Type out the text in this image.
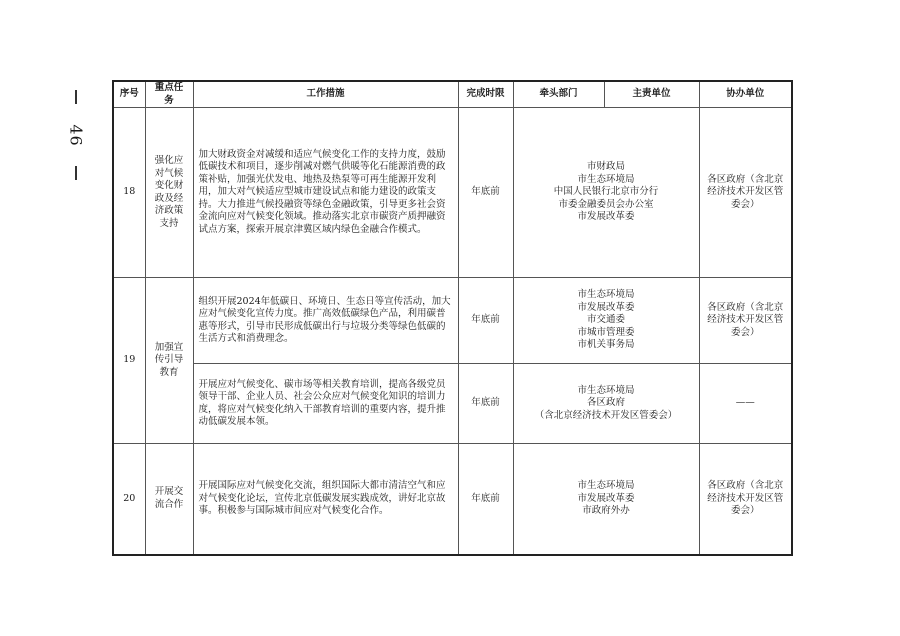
46
序号	重点任务	工作措施	完成时限	牵头部门	主责单位	协办单位
18	强化应对气候变化财政及经济政策支持	加大财政资金对减缓和适应气候变化工作的支持力度，鼓励低碳技术和项目，逐步削减对燃气供暖等化石能源消费的政策补贴，加强光伏发电、地热及热泵等可再生能源开发利用，加大对气候适应型城市建设试点和能力建设的政策支持。大力推进气候投融资等绿色金融政策，引导更多社会资金流向应对气候变化领域。推动落实北京市碳资产质押融资试点方案，探索开展京津冀区域内绿色金融合作模式。	年底前	市财政局
市生态环境局
中国人民银行北京市分行
市委金融委员会办公室
市发展改革委		各区政府（含北京经济技术开发区管委会）
19	加强宣传引导教育	组织开展2024年低碳日、环境日、生态日等宣传活动，加大应对气候变化宣传力度。推广高效低碳绿色产品，利用碳普惠等形式，引导市民形成低碳出行与垃圾分类等绿色低碳的生活方式和消费理念。	年底前	市生态环境局
市发展改革委
市交通委
市城市管理委
市机关事务局		各区政府（含北京经济技术开发区管委会）
		开展应对气候变化、碳市场等相关教育培训，提高各级党员领导干部、企业人员、社会公众应对气候变化知识的培训力度，将应对气候变化纳入干部教育培训的重要内容，提升推动低碳发展本领。	年底前	市生态环境局
各区政府
（含北京经济技术开发区管委会）		——
20	开展交流合作	开展国际应对气候变化交流，组织国际大都市清洁空气和应对气候变化论坛，宣传北京低碳发展实践成效，讲好北京故事。积极参与国际城市间应对气候变化合作。	年底前	市生态环境局
市发展改革委
市政府外办		各区政府（含北京经济技术开发区管委会）
